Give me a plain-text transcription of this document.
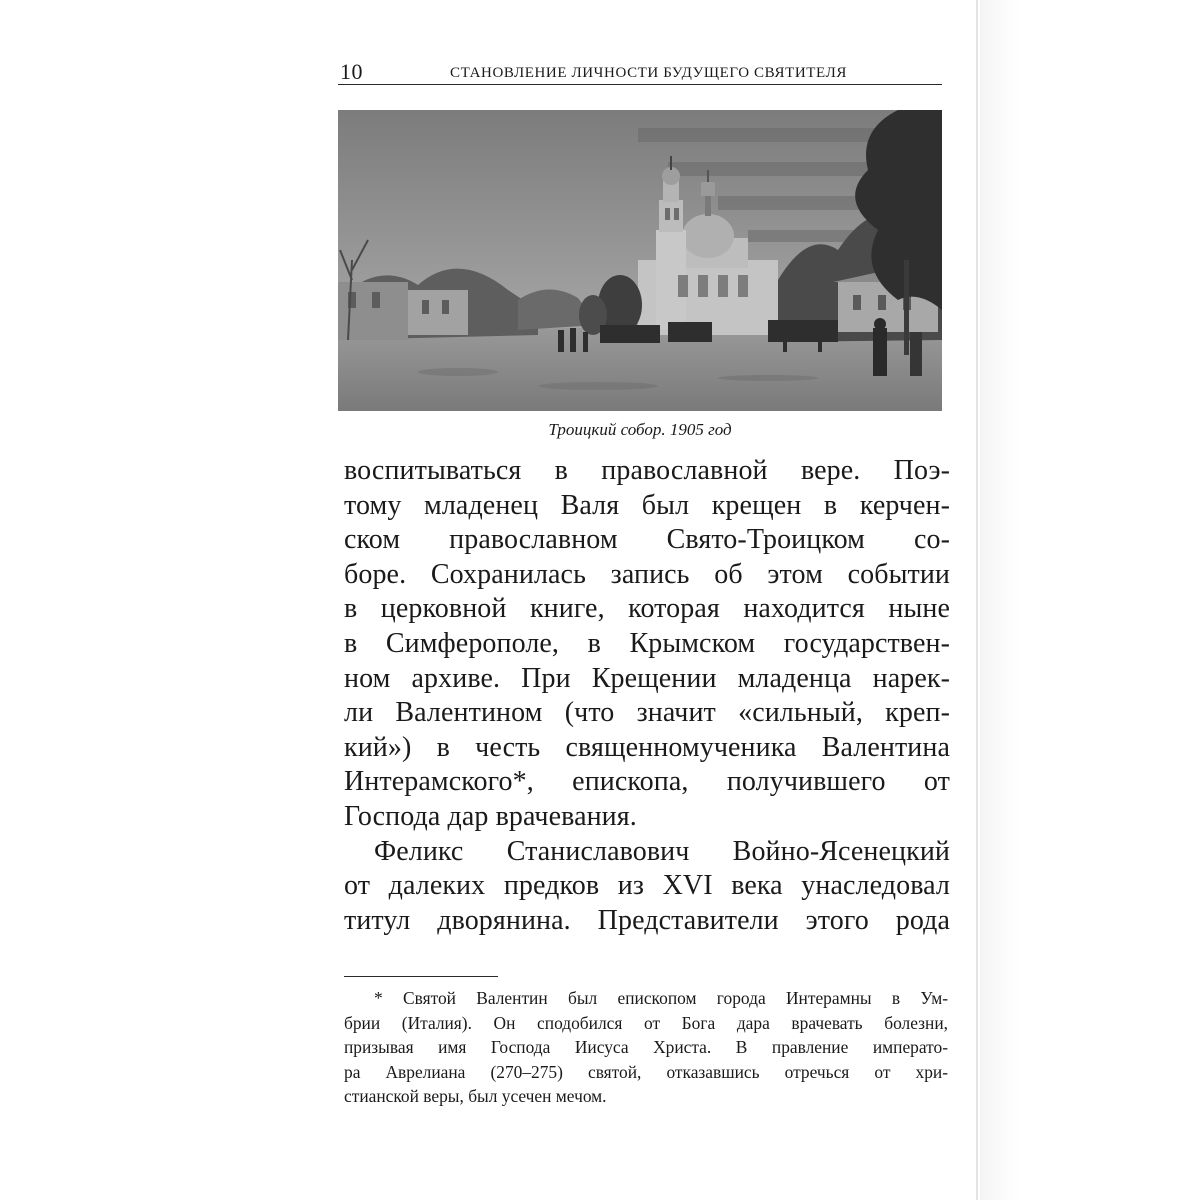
10	СТАНОВЛЕНИЕ ЛИЧНОСТИ БУДУЩЕГО СВЯТИТЕЛЯ
Троицкий собор. 1905 год
воспитываться в православной вере. Поэ-
тому младенец Валя был крещен в керчен-
ском православном Свято-Троицком со-
боре. Сохранилась запись об этом событии
в церковной книге, которая находится ныне
в Симферополе, в Крымском государствен-
ном архиве. При Крещении младенца нарек-
ли Валентином (что значит «сильный, креп-
кий») в честь священномученика Валентина
Интерамского*, епископа, получившего от
Господа дар врачевания.
Феликс Станиславович Войно-Ясенецкий
от далеких предков из XVI века унаследовал
титул дворянина. Представители этого рода
* Святой Валентин был епископом города Интерамны в Ум-
брии (Италия). Он сподобился от Бога дара врачевать болезни,
призывая имя Господа Иисуса Христа. В правление императо-
ра Аврелиана (270–275) святой, отказавшись отречься от хри-
стианской веры, был усечен мечом.
